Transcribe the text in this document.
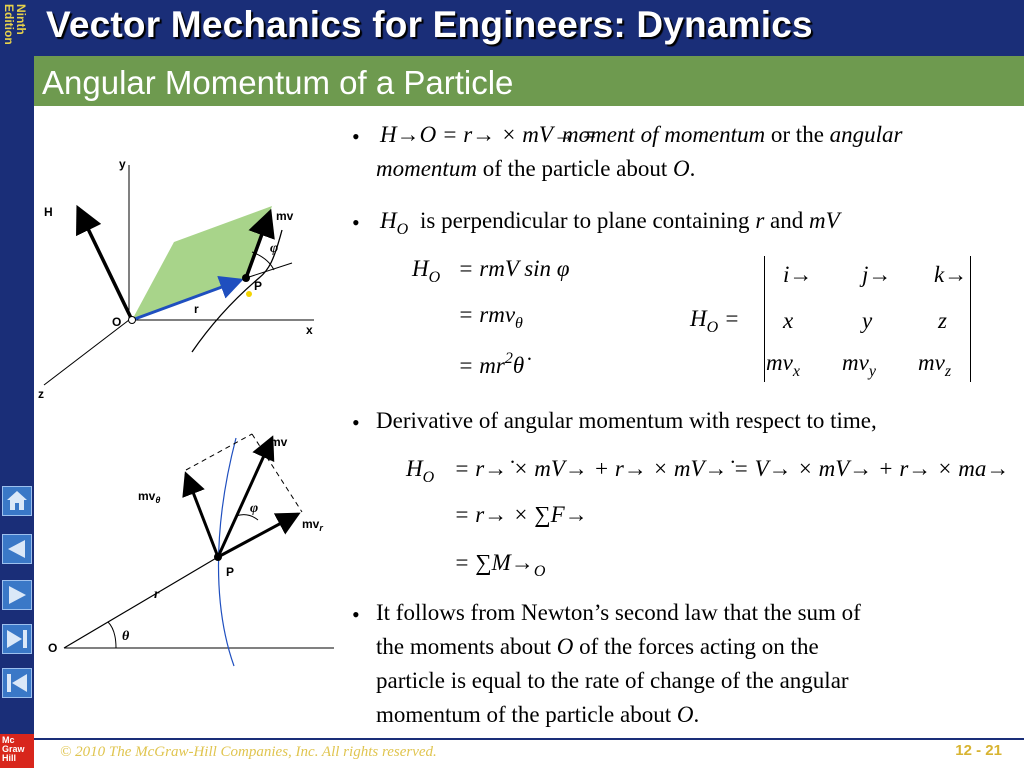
Ninth
Edition
Mc
Graw
Hill
Vector Mechanics for Engineers: Dynamics
Angular Momentum of a Particle
y
x
z
r
mv
φ
H
O
P
r
θ
O
mv
$mv_\theta$
$mv_r$
φ
P
• H→O = r→ × mV→ =
moment of momentum or the angular
momentum of the particle about O.
• $H_O$ is perpendicular to plane containing r and mV
$H_O$ = rmV sin φ
= rmv$_\theta$
= $mr^2\thetȧ$
$H_O$ =
i→ j→ k→
x	y	z
$mv_x$ $mv_y$ $mv_z$
• Derivative of angular momentum with respect to time,
$H_O$ = r→̇ × mV→ + r→ × mV→̇ = V→ × mV→ + r→ × ma→
= r→ × ∑F→
= $\sum M\to_O$
• It follows from Newton’s second law that the sum of
the moments about O of the forces acting on the
particle is equal to the rate of change of the angular
momentum of the particle about O.
© 2010 The McGraw-Hill Companies, Inc. All rights reserved.	12 - 21
